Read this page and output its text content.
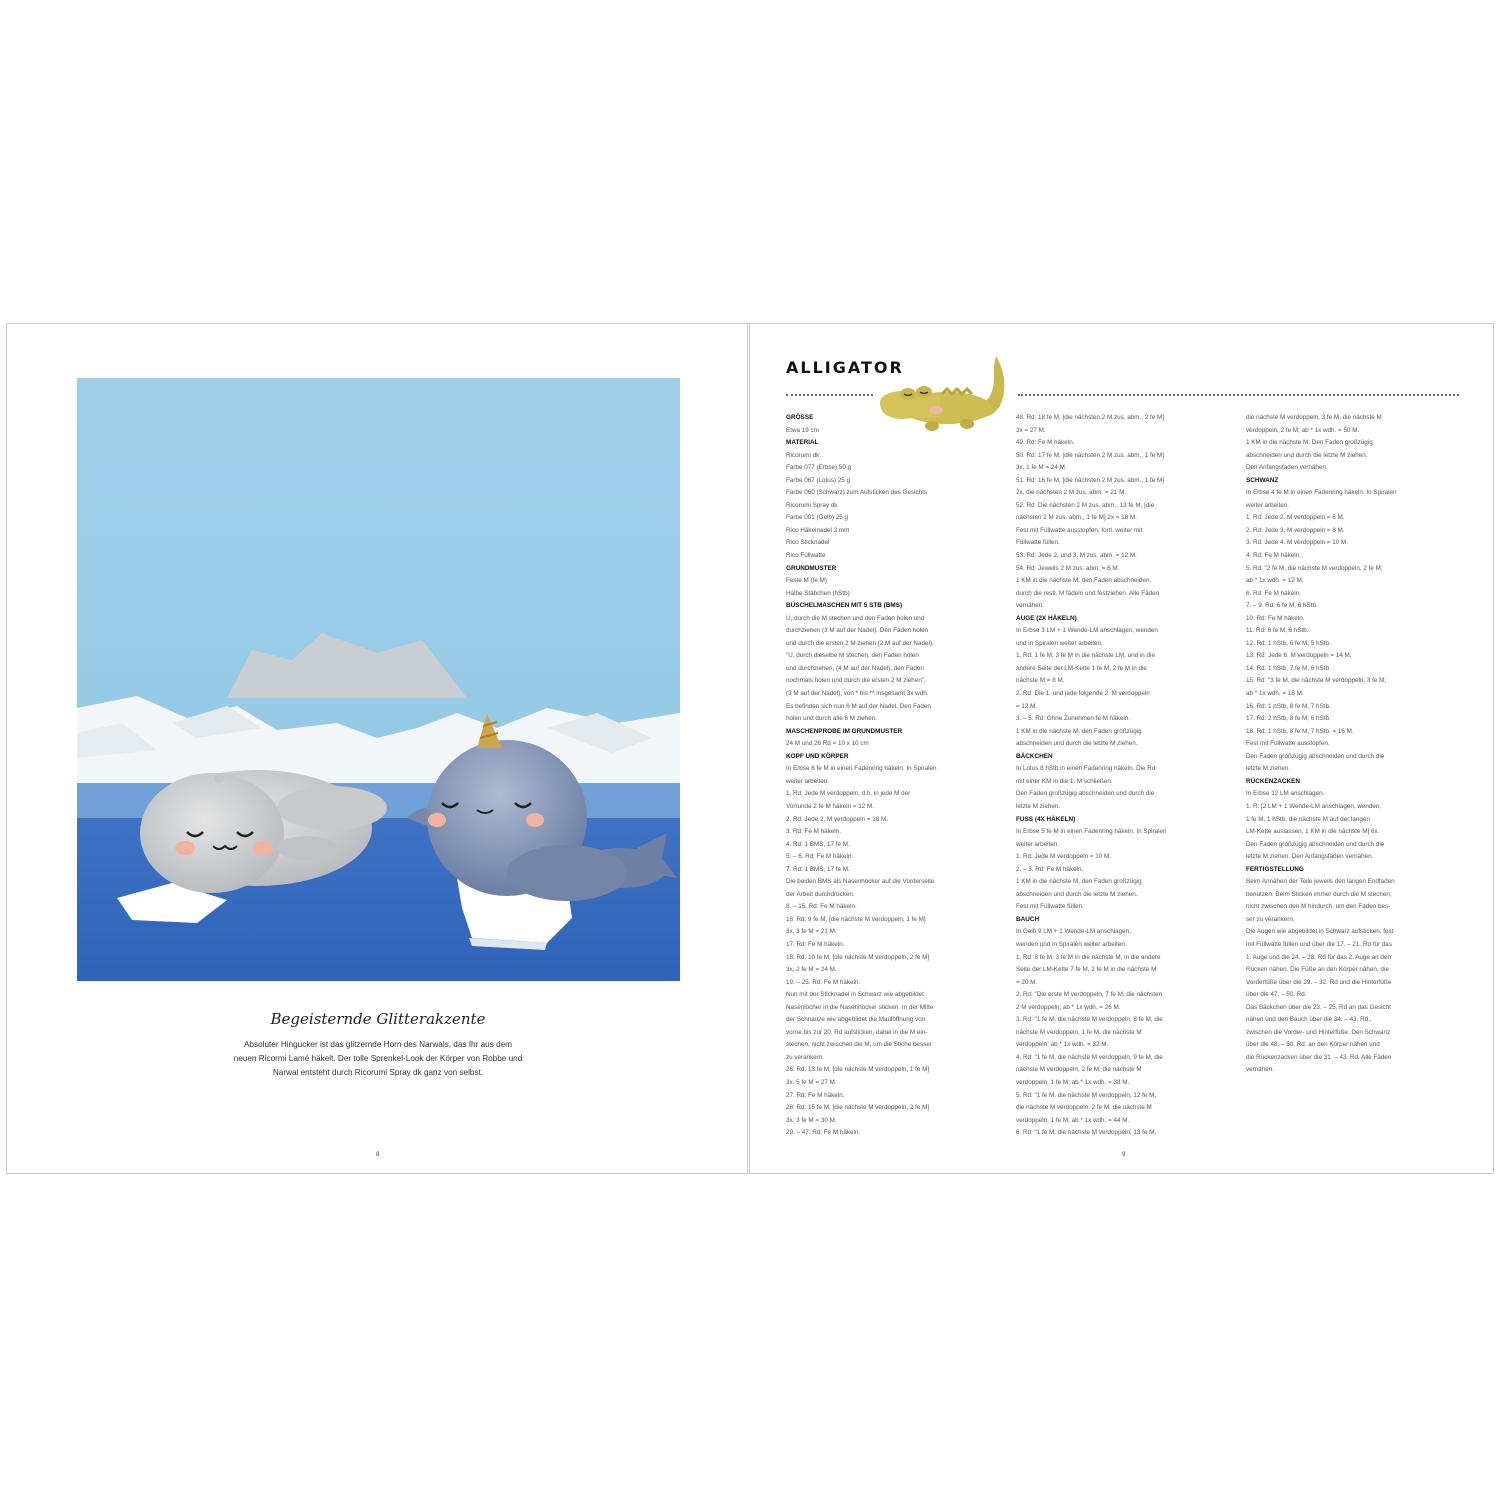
Begeisternde Glitterakzente
Absoluter Hingucker ist das glitzernde Horn des Narwals, das Ihr aus dem
neuen Ricormi Lamé häkelt. Der tolle Sprenkel-Look der Körper von Robbe und
Narwal entsteht durch Ricorumi Spray dk ganz von selbst.
8
ALLIGATOR
GRÖSSE
Etwa 19 cm
MATERIAL
Ricorumi dk
Farbe 077 (Erbse) 50 g
Farbe 067 (Lotus) 25 g
Farbe 060 (Schwarz) zum Aufsticken des Gesichts
Ricorumi Spray dk
Farbe 001 (Gelb) 25 g
Rico Häkelnadel 3 mm
Rico Sticknadel
Rico Füllwatte
GRUNDMUSTER
Feste M (fe M)
Halbe Stäbchen (hStb)
BÜSCHELMASCHEN MIT 5 STB (BMS)
U, durch die M stechen und den Faden holen und
durchziehen (3 M auf der Nadel). Den Faden holen
und durch die ersten 2 M ziehen (2 M auf der Nadel),
"U, durch dieselbe M stechen, den Faden holen
und durchziehen, (4 M auf der Nadel), den Faden
nochmals holen und durch die ersten 2 M ziehen",
(3 M auf der Nadel), von * bis ** insgesamt 3x wdh.
Es befinden sich nun 6 M auf der Nadel. Den Faden
holen und durch alle 6 M ziehen.
MASCHENPROBE IM GRUNDMUSTER
24 M und 26 Rd = 10 x 10 cm
KOPF UND KÖRPER
In Erbse 6 fe M in einen Fadenring häkeln. In Spiralen
weiter arbeiten.
1. Rd: Jede M verdoppeln, d.h. in jede M der
Vorrunde 2 fe M häkeln = 12 M.
2. Rd: Jede 2. M verdoppeln = 18 M.
3. Rd: Fe M häkeln.
4. Rd: 1 BMS, 17 fe M.
5. – 6. Rd: Fe M häkeln.
7. Rd: 1 BMS, 17 fe M.
Die beiden BMS als Nasenhöcker auf die Vorderseite
der Arbeit durchdrücken.
8. – 15. Rd: Fe M häkeln.
16. Rd: 9 fe M, [die nächste M verdoppeln, 1 fe M]
3x, 3 fe M = 21 M.
17. Rd: Fe M häkeln.
18. Rd: 10 fe M, [die nächste M verdoppeln, 2 fe M]
3x, 2 fe M = 24 M.
19. – 25. Rd: Fe M häkeln.
Nun mit der Sticknadel in Schwarz wie abgebildet
Nasenlöcher in die Nasenhöcker sticken. In der Mitte
der Schnauze wie abgebildet die Maulöffnung von
vorne bis zur 20. Rd aufsticken, dabei in die M ein-
stechen, nicht zwischen die M, um die Stiche besser
zu verankern.
26. Rd: 13 fe M, [die nächste M verdoppeln, 1 fe M]
3x, 5 fe M = 27 M.
27. Rd: Fe M häkeln.
28. Rd: 15 fe M, [die nächste M verdoppeln, 2 fe M]
3x, 3 fe M = 30 M.
29. – 47. Rd: Fe M häkeln.
48. Rd: 18 fe M, [die nächsten 2 M zus. abm., 2 fe M]
3x = 27 M.
49. Rd: Fe M häkeln.
50. Rd: 17 fe M, [die nächsten 2 M zus. abm., 1 fe M]
3x, 1 fe M = 24 M.
51. Rd: 16 fe M, [die nächsten 2 M zus. abm., 1 fe M]
2x, die nächsten 2 M zus. abm. = 21 M.
52. Rd: Die nächsten 2 M zus. abm., 13 fe M, [die
nächsten 2 M zus. abm., 1 fe M] 2x = 18 M.
Fest mit Füllwatte ausstopfen, fortl. weiter mit
Füllwatte füllen.
53. Rd: Jede 2. und 3. M zus. abm. = 12 M.
54. Rd: Jeweils 2 M zus. abm. = 6 M.
1 KM in die nächste M, den Faden abschneiden,
durch die restl. M fädeln und festziehen. Alle Fäden
vernähen.
AUGE (2X HÄKELN)
In Erbse 3 LM + 1 Wende-LM anschlagen, wenden
und in Spiralen weiter arbeiten.
1. Rd: 1 fe M, 3 fe M in die nächste LM, und in die
andere Seite der LM-Kette 1 fe M, 2 fe M in die
nächste M = 8 M.
2. Rd: Die 1. und jede folgende 2. M verdoppeln
= 12 M.
3. – 5. Rd: Ohne Zunehmen fe M häkeln.
1 KM in die nächste M, den Faden großzügig
abschneiden und durch die letzte M ziehen.
BÄCKCHEN
In Lotus 8 hStb in einen Fadenring häkeln. Die Rd
mit einer KM in die 1. M schließen.
Den Faden großzügig abschneiden und durch die
letzte M ziehen.
FUSS (4X HÄKELN)
In Erbse 5 fe M in einen Fadenring häkeln. In Spiralen
weiter arbeiten.
1. Rd: Jede M verdoppeln = 10 M.
2. – 3. Rd: Fe M häkeln.
1 KM in die nächste M, den Faden großzügig
abschneiden und durch die letzte M ziehen.
Fest mit Füllwatte füllen.
BAUCH
In Gelb 9 LM + 1 Wende-LM anschlagen,
wenden und in Spiralen weiter arbeiten.
1. Rd: 8 fe M, 3 fe M in die nächste M, in die andere
Seite der LM-Kette 7 fe M, 2 fe M in die nächste M
= 20 M.
2. Rd: "Die erste M verdoppeln, 7 fe M, die nächsten
2 M verdoppeln; ab * 1x wdh. = 26 M.
3. Rd: "1 fe M, die nächste M verdoppeln, 8 fe M, die
nächste M verdoppeln, 1 fe M, die nächste M
verdoppeln; ab * 1x wdh. = 32 M.
4. Rd: "1 fe M, die nächste M verdoppeln, 9 fe M, die
nächste M verdoppeln, 2 fe M, die nächste M
verdoppeln, 1 fe M; ab * 1x wdh. = 38 M.
5. Rd: "1 fe M, die nächste M verdoppeln, 12 fe M,
die nächste M verdoppeln, 2 fe M, die nächste M
verdoppeln, 1 fe M; ab * 1x wdh. = 44 M.
6. Rd: "1 fe M, die nächste M verdoppeln, 13 fe M,
die nächste M verdoppeln, 3 fe M, die nächste M
verdoppeln, 2 fe M; ab * 1x wdh. = 50 M.
1 KM in die nächste M. Den Faden großzügig
abschneiden und durch die letzte M ziehen.
Den Anfangsfaden vernähen.
SCHWANZ
In Erbse 4 fe M in einen Fadenring häkeln. In Spiralen
weiter arbeiten.
1. Rd: Jede 2. M verdoppeln = 6 M.
2. Rd: Jede 3. M verdoppeln = 8 M.
3. Rd: Jede 4. M verdoppeln = 10 M.
4. Rd: Fe M häkeln.
5. Rd: "2 fe M, die nächste M verdoppeln, 2 fe M;
ab * 1x wdh. = 12 M.
6. Rd: Fe M häkeln.
7. – 9. Rd: 6 fe M, 6 hStb.
10. Rd: Fe M häkeln.
11. Rd: 6 fe M, 6 hStb.
12. Rd: 1 hStb, 6 fe M, 5 hStb.
13. Rd: Jede 6. M verdoppeln = 14 M.
14. Rd: 1 hStb, 7 fe M, 6 hStb.
15. Rd: "3 fe M, die nächste M verdoppeln, 3 fe M;
ab * 1x wdh. = 16 M.
16. Rd: 1 hStb, 8 fe M, 7 hStb.
17. Rd: 2 hStb, 8 fe M, 6 hStb.
18. Rd: 1 hStb, 8 fe M, 7 hStb. = 16 M.
Fest mit Füllwatte ausstopfen.
Den Faden großzügig abschneiden und durch die
letzte M ziehen.
RÜCKENZACKEN
In Erbse 12 LM anschlagen.
1. R: [2 LM + 1 Wende-LM anschlagen, wenden,
1 fe M, 1 hStb, die nächste M auf der langen
LM-Kette auslassen, 1 KM in die nächste M] 6x.
Den Faden großzügig abschneiden und durch die
letzte M ziehen. Den Anfangsfaden vernähen.
FERTIGSTELLUNG
Beim Annähen der Teile jeweils den langen Endfaden
benutzen. Beim Sticken immer durch die M stechen,
nicht zwischen den M hindurch, um den Faden bes-
ser zu verankern.
Die Augen wie abgebildet in Schwarz aufsticken, fest
mit Füllwatte füllen und über die 17. – 21. Rd für das
1. Auge und die 24. – 28. Rd für das 2. Auge an den
Rücken nähen. Die Füße an den Körper nähen, die
Vorderfüße über die 29. – 32. Rd und die Hinterfüße
über die 47. – 50. Rd.
Das Bäckchen über die 23. – 25. Rd an das Gesicht
nähen und den Bauch über die 34. – 43. Rd.,
zwischen die Vorder- und Hinterfüße. Den Schwanz
über die 48. – 50. Rd. an den Körper nähen und
die Rückenzacken über die 31. – 43. Rd. Alle Fäden
vernähen.
9
